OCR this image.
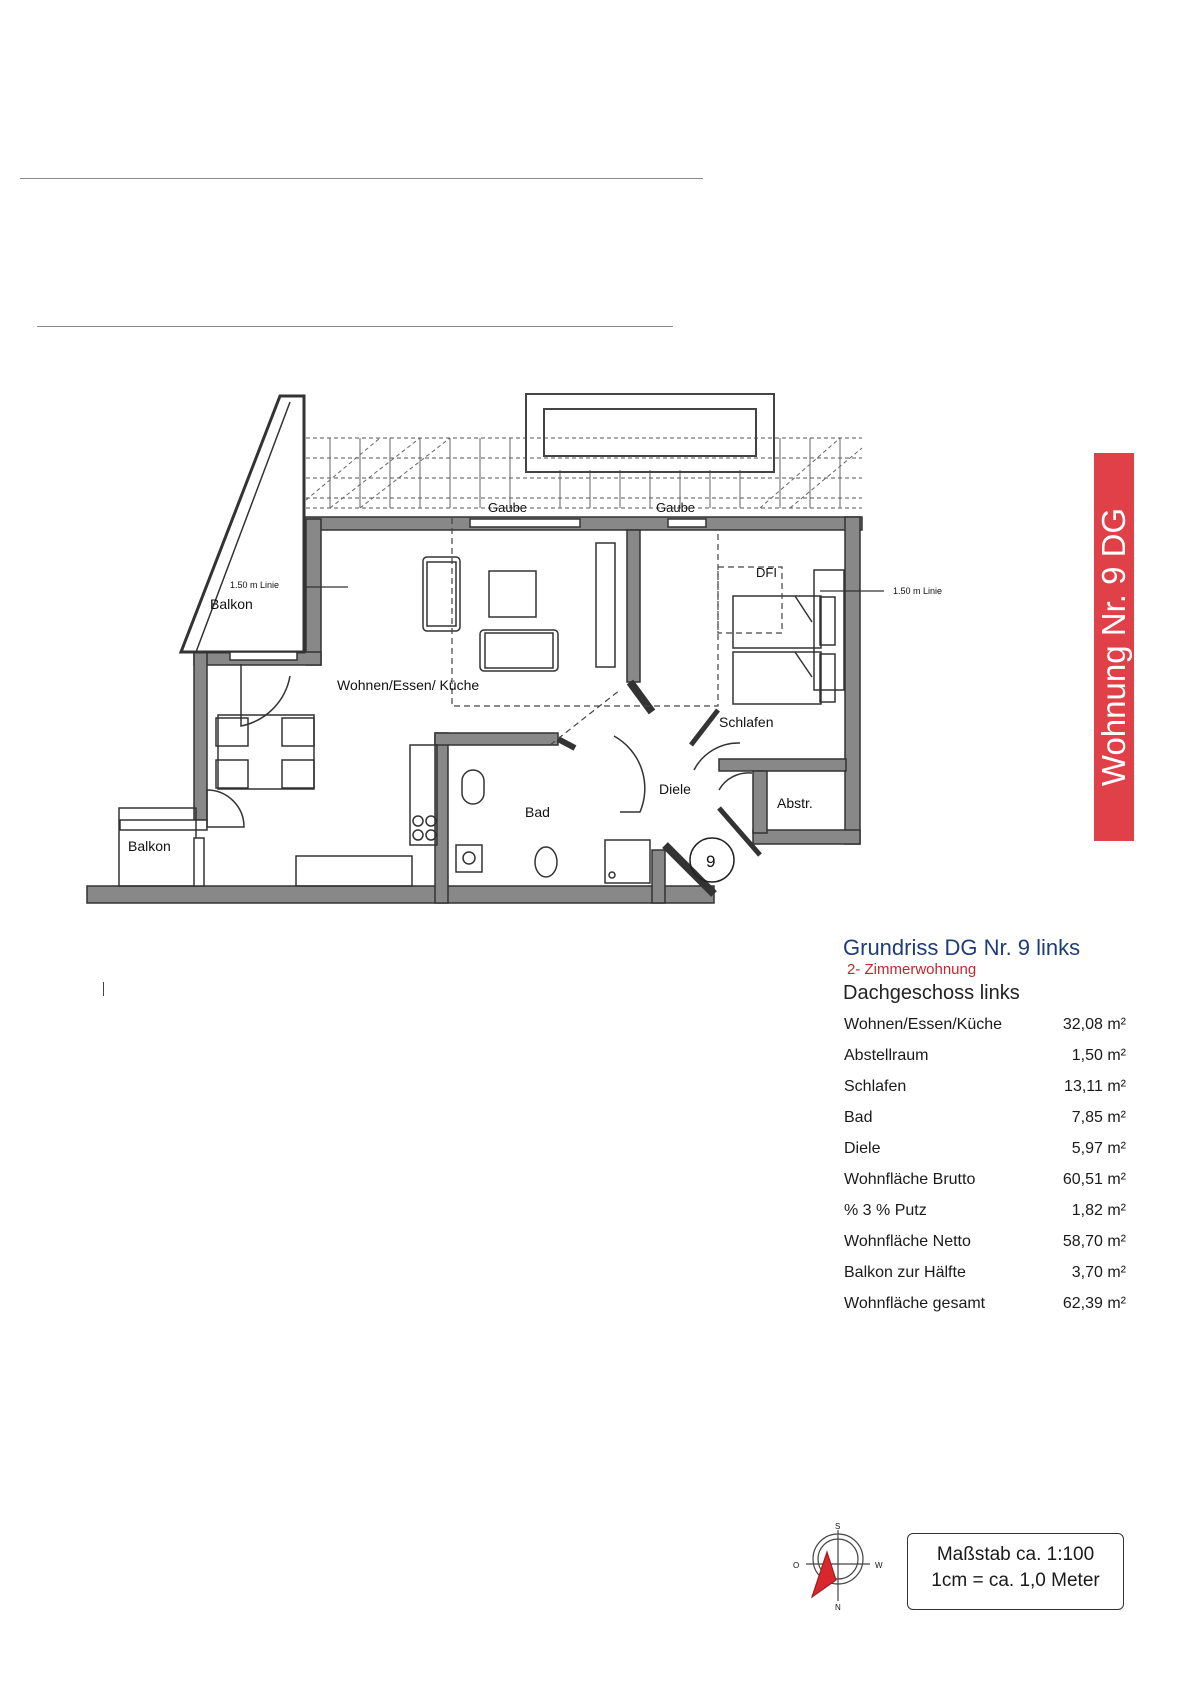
Gaube	Gaube
1.50 m Linie
Balkon
Wohnen/Essen/ Küche
DFI
1.50 m Linie
Schlafen
Diele
Abstr.
Bad
Balkon
9
S
N
O	W
Wohnung Nr. 9 DG
Grundriss DG Nr. 9 links
2- Zimmerwohnung
Dachgeschoss links
Wohnen/Essen/Küche	32,08 m²
Abstellraum	1,50 m²
Schlafen	13,11 m²
Bad	7,85 m²
Diele	5,97 m²
Wohnfläche Brutto	60,51 m²
% 3 % Putz	1,82 m²
Wohnfläche Netto	58,70 m²
Balkon zur Hälfte	3,70 m²
Wohnfläche gesamt	62,39 m²
Maßstab ca. 1:100
1cm = ca. 1,0 Meter
